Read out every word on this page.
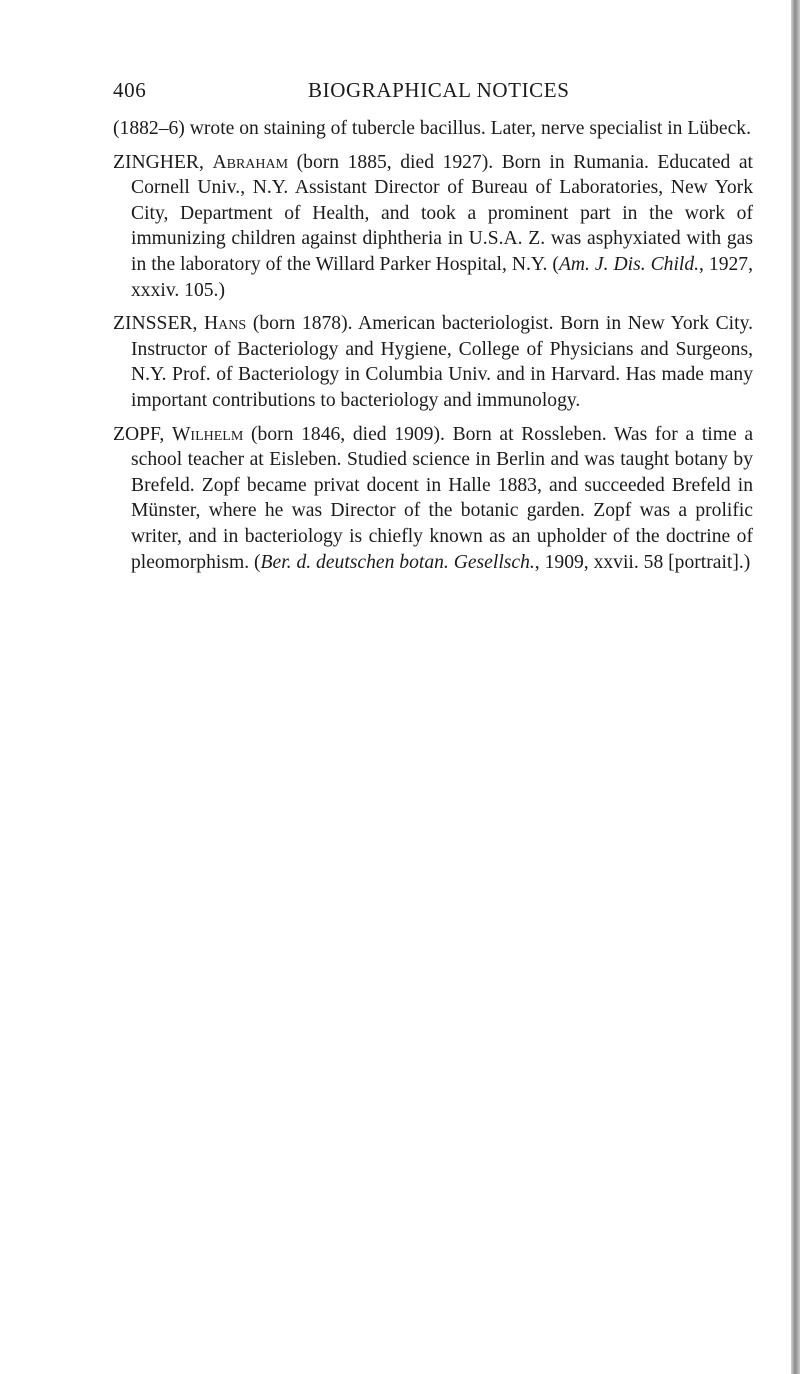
406	BIOGRAPHICAL NOTICES

(1882–6) wrote on staining of tubercle bacillus. Later, nerve specialist in Lübeck.

ZINGHER, Abraham (born 1885, died 1927). Born in Rumania. Educated at Cornell Univ., N.Y. Assistant Director of Bureau of Laboratories, New York City, Department of Health, and took a prominent part in the work of immunizing children against diphtheria in U.S.A. Z. was asphyxiated with gas in the laboratory of the Willard Parker Hospital, N.Y. (Am. J. Dis. Child., 1927, xxxiv. 105.)

ZINSSER, Hans (born 1878). American bacteriologist. Born in New York City. Instructor of Bacteriology and Hygiene, College of Physicians and Surgeons, N.Y. Prof. of Bacteriology in Columbia Univ. and in Harvard. Has made many important contributions to bacteriology and immunology.

ZOPF, Wilhelm (born 1846, died 1909). Born at Rossleben. Was for a time a school teacher at Eisleben. Studied science in Berlin and was taught botany by Brefeld. Zopf became privat docent in Halle 1883, and succeeded Brefeld in Münster, where he was Director of the botanic garden. Zopf was a prolific writer, and in bacteriology is chiefly known as an upholder of the doctrine of pleomorphism. (Ber. d. deutschen botan. Gesellsch., 1909, xxvii. 58 [portrait].)
